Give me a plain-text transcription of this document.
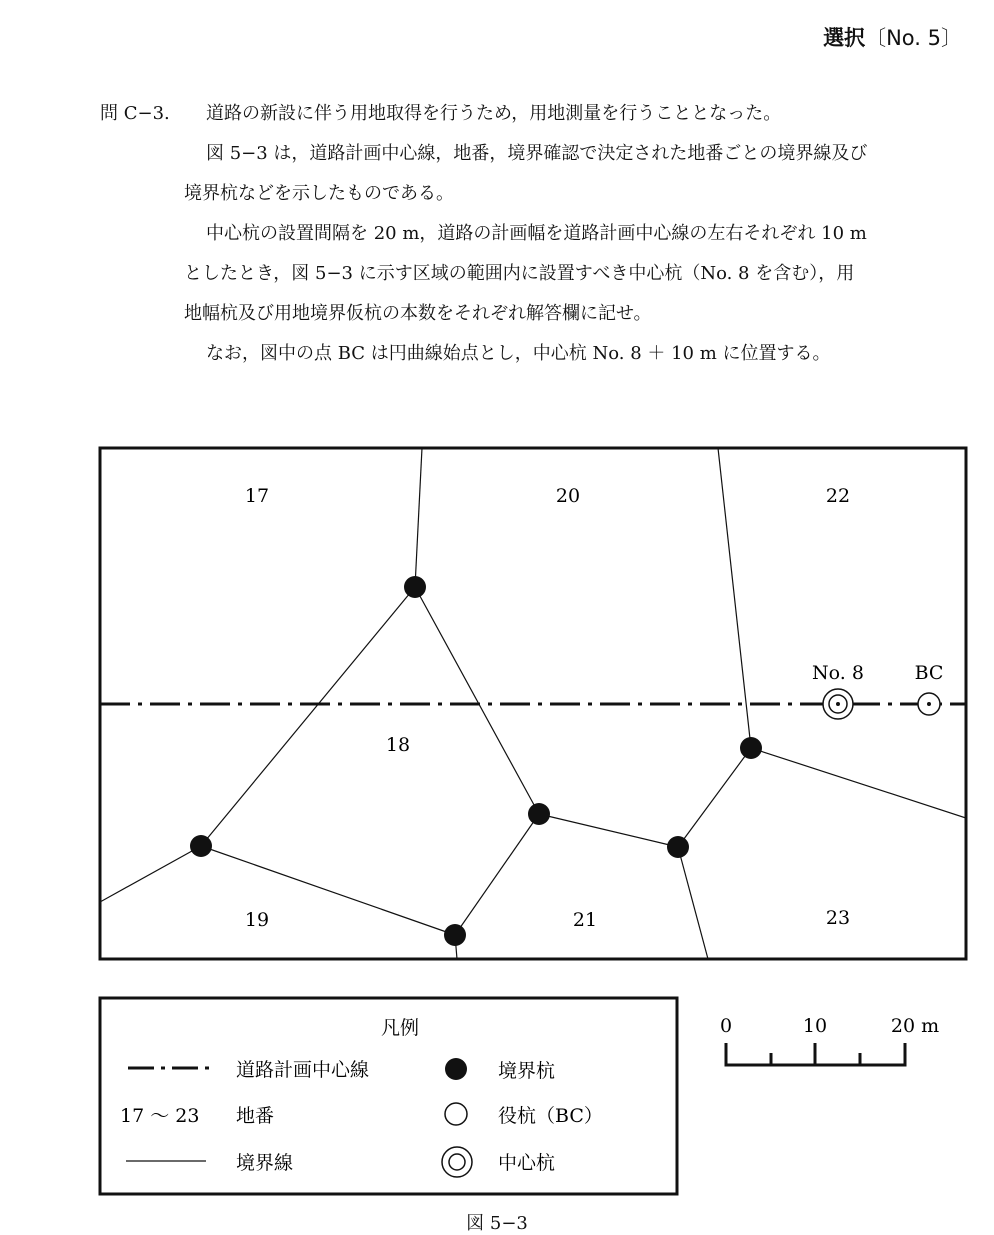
選択〔No. 5〕
問 C−3. 道路の新設に伴う用地取得を行うため，用地測量を行うこととなった。
図 5−3 は，道路計画中心線，地番，境界確認で決定された地番ごとの境界線及び
境界杭などを示したものである。
中心杭の設置間隔を 20 m，道路の計画幅を道路計画中心線の左右それぞれ 10 m
としたとき，図 5−3 に示す区域の範囲内に設置すべき中心杭（No. 8 を含む），用
地幅杭及び用地境界仮杭の本数をそれぞれ解答欄に記せ。
なお，図中の点 BC は円曲線始点とし，中心杭 No. 8 ＋ 10 m に位置する。
No. 8	BC
17	20	22
18
19	21	23
凡例
道路計画中心線
17 ～ 23 地番
境界線
境界杭
役杭（BC）
中心杭
0	10	20 m
図 5−3
